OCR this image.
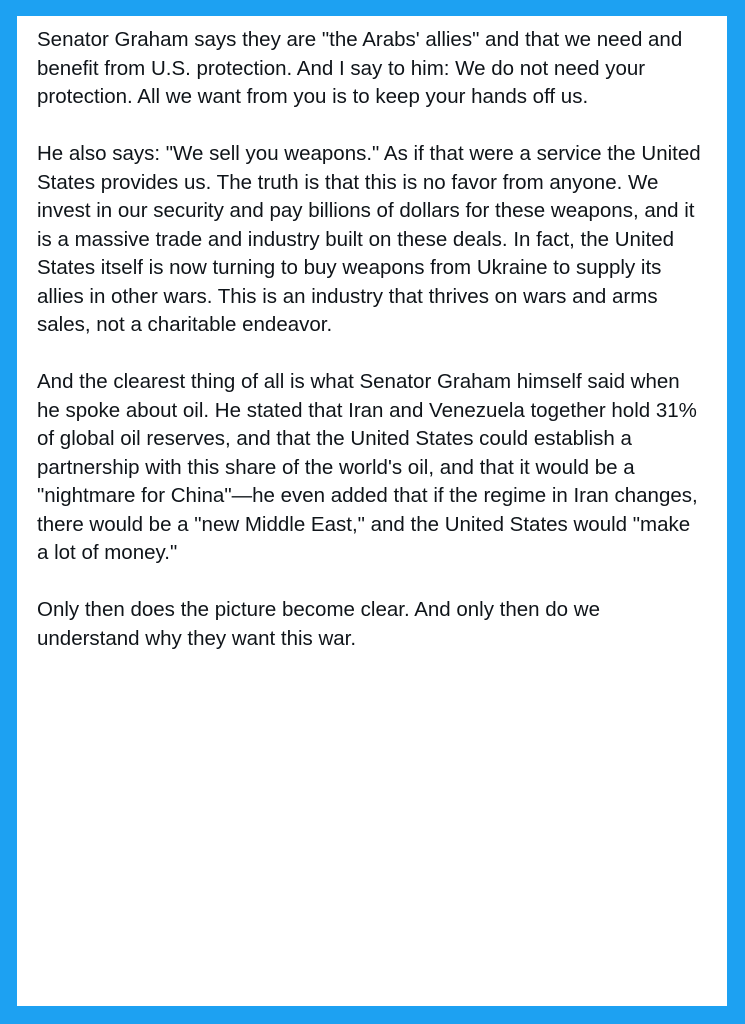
Senator Graham says they are "the Arabs' allies" and that we need and
benefit from U.S. protection. And I say to him: We do not need your
protection. All we want from you is to keep your hands off us.
He also says: "We sell you weapons." As if that were a service the United
States provides us. The truth is that this is no favor from anyone. We
invest in our security and pay billions of dollars for these weapons, and it
is a massive trade and industry built on these deals. In fact, the United
States itself is now turning to buy weapons from Ukraine to supply its
allies in other wars. This is an industry that thrives on wars and arms
sales, not a charitable endeavor.
And the clearest thing of all is what Senator Graham himself said when
he spoke about oil. He stated that Iran and Venezuela together hold 31%
of global oil reserves, and that the United States could establish a
partnership with this share of the world's oil, and that it would be a
"nightmare for China"—he even added that if the regime in Iran changes,
there would be a "new Middle East," and the United States would "make
a lot of money."
Only then does the picture become clear. And only then do we
understand why they want this war.
